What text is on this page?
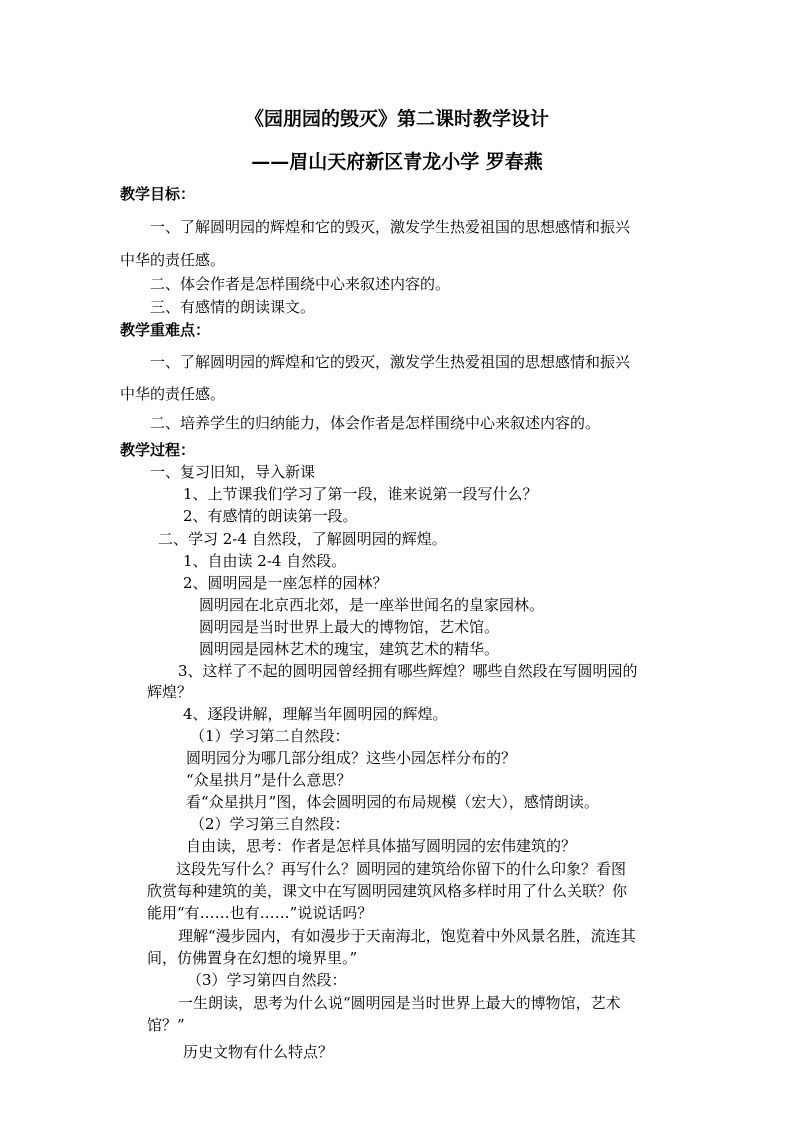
《园朋园的毁灭》第二课时教学设计
——眉山天府新区青龙小学 罗春燕
教学目标：
一、了解圆明园的辉煌和它的毁灭，激发学生热爱祖国的思想感情和振兴
中华的责任感。
二、体会作者是怎样围绕中心来叙述内容的。
三、有感情的朗读课文。
教学重难点：
一、了解圆明园的辉煌和它的毁灭，激发学生热爱祖国的思想感情和振兴
中华的责任感。
二、培养学生的归纳能力，体会作者是怎样围绕中心来叙述内容的。
教学过程：
一、复习旧知，导入新课
1、上节课我们学习了第一段，谁来说第一段写什么？
2、有感情的朗读第一段。
二、学习 2-4 自然段，了解圆明园的辉煌。
1、自由读 2-4 自然段。
2、圆明园是一座怎样的园林？
圆明园在北京西北郊，是一座举世闻名的皇家园林。
圆明园是当时世界上最大的博物馆，艺术馆。
圆明园是园林艺术的瑰宝，建筑艺术的精华。
3、这样了不起的圆明园曾经拥有哪些辉煌？哪些自然段在写圆明园的
辉煌？
4、逐段讲解，理解当年圆明园的辉煌。
（1）学习第二自然段：
圆明园分为哪几部分组成？这些小园怎样分布的？
“众星拱月”是什么意思？
看“众星拱月”图，体会圆明园的布局规模（宏大），感情朗读。
（2）学习第三自然段：
自由读，思考：作者是怎样具体描写圆明园的宏伟建筑的？
这段先写什么？再写什么？圆明园的建筑给你留下的什么印象？看图
欣赏每种建筑的美，课文中在写圆明园建筑风格多样时用了什么关联？你
能用“有……也有……”说说话吗？
理解“漫步园内，有如漫步于天南海北，饱览着中外风景名胜，流连其
间，仿佛置身在幻想的境界里。”
（3）学习第四自然段：
一生朗读，思考为什么说“圆明园是当时世界上最大的博物馆，艺术
馆？”
历史文物有什么特点？
